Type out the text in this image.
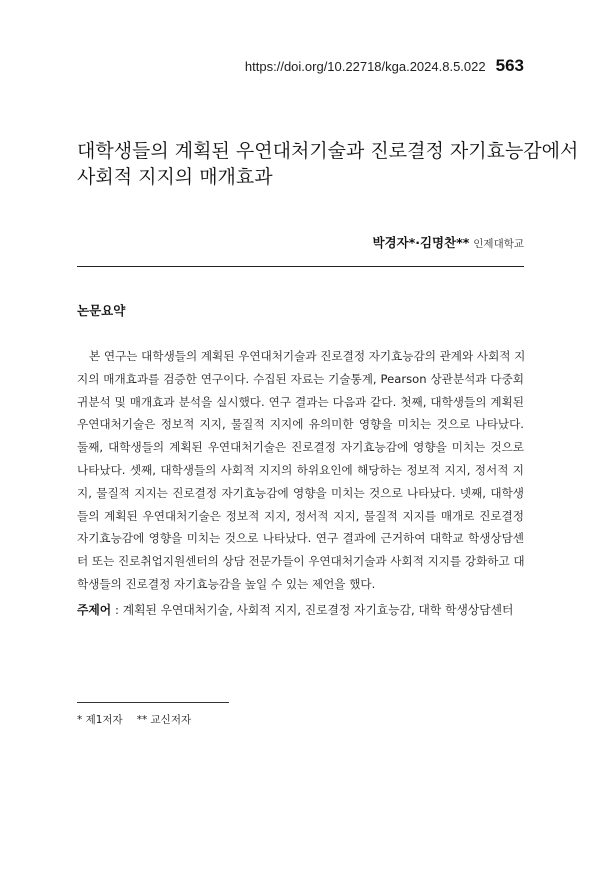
https://doi.org/10.22718/kga.2024.8.5.022 563
대학생들의 계획된 우연대처기술과 진로결정 자기효능감에서
사회적 지지의 매개효과
박경자*·김명찬** 인제대학교
논문요약

본 연구는 대학생들의 계획된 우연대처기술과 진로결정 자기효능감의 관계와 사회적 지
지의 매개효과를 검증한 연구이다. 수집된 자료는 기술통계, Pearson 상관분석과 다중회
귀분석 및 매개효과 분석을 실시했다. 연구 결과는 다음과 같다. 첫째, 대학생들의 계획된
우연대처기술은 정보적 지지, 물질적 지지에 유의미한 영향을 미치는 것으로 나타났다.
둘째, 대학생들의 계획된 우연대처기술은 진로결정 자기효능감에 영향을 미치는 것으로
나타났다. 셋째, 대학생들의 사회적 지지의 하위요인에 해당하는 정보적 지지, 정서적 지
지, 물질적 지지는 진로결정 자기효능감에 영향을 미치는 것으로 나타났다. 넷째, 대학생
들의 계획된 우연대처기술은 정보적 지지, 정서적 지지, 물질적 지지를 매개로 진로결정
자기효능감에 영향을 미치는 것으로 나타났다. 연구 결과에 근거하여 대학교 학생상담센
터 또는 진로취업지원센터의 상담 전문가들이 우연대처기술과 사회적 지지를 강화하고 대
학생들의 진로결정 자기효능감을 높일 수 있는 제언을 했다.

주제어 : 계획된 우연대처기술, 사회적 지지, 진로결정 자기효능감, 대학 학생상담센터
* 제1저자 ** 교신저자
